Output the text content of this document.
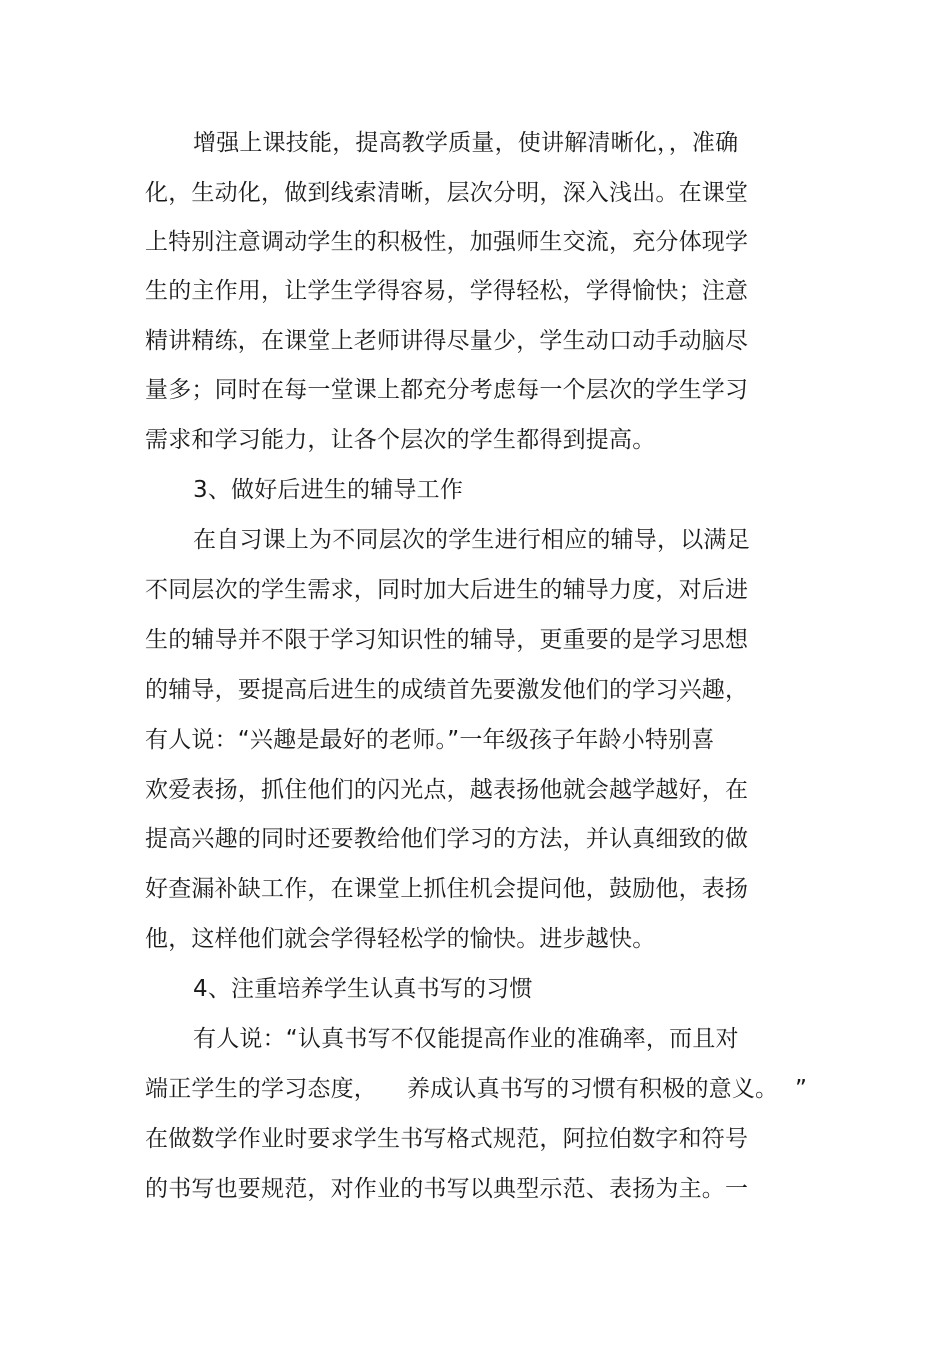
增强上课技能，提高教学质量，使讲解清晰化，，准确
化，生动化，做到线索清晰，层次分明，深入浅出。在课堂
上特别注意调动学生的积极性，加强师生交流，充分体现学
生的主作用，让学生学得容易，学得轻松，学得愉快；注意
精讲精练，在课堂上老师讲得尽量少，学生动口动手动脑尽
量多；同时在每一堂课上都充分考虑每一个层次的学生学习
需求和学习能力，让各个层次的学生都得到提高。
3、做好后进生的辅导工作
在自习课上为不同层次的学生进行相应的辅导，以满足
不同层次的学生需求，同时加大后进生的辅导力度，对后进
生的辅导并不限于学习知识性的辅导，更重要的是学习思想
的辅导，要提高后进生的成绩首先要激发他们的学习兴趣，
有人说：“兴趣是最好的老师。”一年级孩子年龄小特别喜
欢爱表扬，抓住他们的闪光点，越表扬他就会越学越好，在
提高兴趣的同时还要教给他们学习的方法，并认真细致的做
好查漏补缺工作，在课堂上抓住机会提问他，鼓励他，表扬
他，这样他们就会学得轻松学的愉快。进步越快。
4、注重培养学生认真书写的习惯
有人说：“认真书写不仅能提高作业的准确率，而且对
端正学生的学习态度，    养成认真书写的习惯有积极的意义。 ”
在做数学作业时要求学生书写格式规范，阿拉伯数字和符号
的书写也要规范，对作业的书写以典型示范、表扬为主。一
